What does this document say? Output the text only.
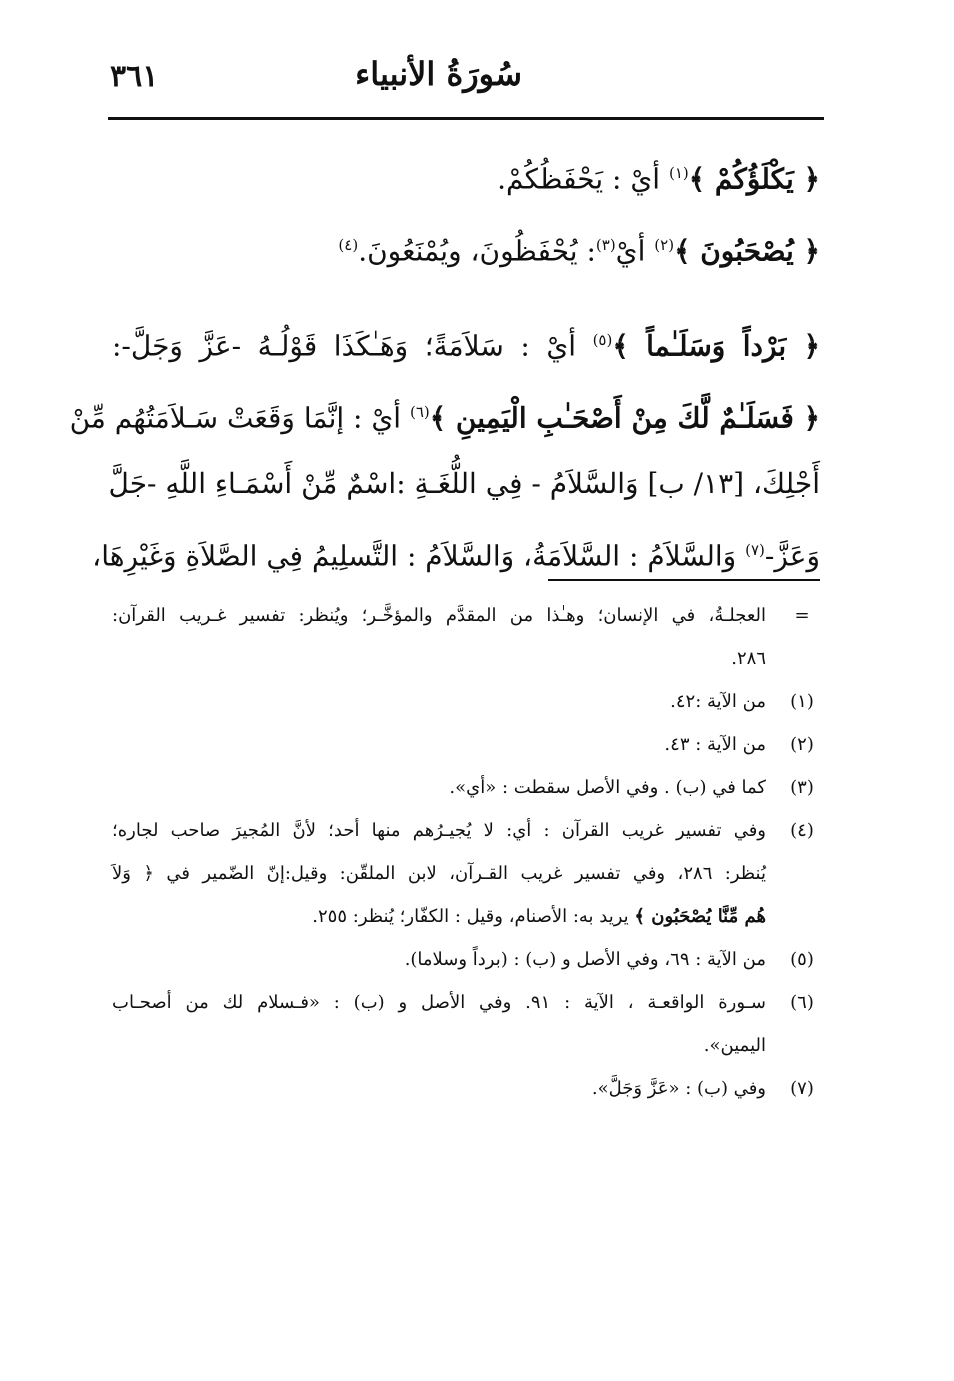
٣٦١	سُورَةُ الأنبياء
﴿ يَكْلَؤُكُمْ ﴾$^{(١)}$ أيْ : يَحْفَظُكُمْ.
﴿ يُصْحَبُونَ ﴾$^{(٢)}$ أيْ$^{(٣)}$: يُحْفَظُونَ، ويُمْنَعُونَ.$^{(٤)}$
﴿ بَرْداً وَسَلَـٰماً ﴾$^{(٥)}$ أيْ : سَلاَمَةً؛ وَهَـٰكَذَا قَوْلُـهُ -عَزَّ وَجَلَّ-:
﴿ فَسَلَـٰمٌ لَّكَ مِنْ أَصْحَـٰبِ الْيَمِينِ ﴾$^{(٦)}$ أيْ : إنَّمَا وَقَعَتْ سَـلاَمَتُهُم مِّنْ
أَجْلِكَ، [١٣/ ب] وَالسَّلاَمُ - فِي اللُّغَـةِ :اسْمٌ مِّنْ أَسْمَـاءِ اللَّهِ -جَلَّ
وَعَزَّ-$^{(٧)}$ وَالسَّلاَمُ : السَّلاَمَةُ، وَالسَّلاَمُ : التَّسلِيمُ فِي الصَّلاَةِ وَغَيْرِهَا،
=
العجلـةُ، في الإنسان؛ وهـٰذا من المقدَّم والمؤخَّـر؛ ويُنظر: تفسير غـريب القرآن:
٢٨٦.
(١)
من الآية :٤٢.
(٢)
من الآية : ٤٣.
(٣)
كما في (ب) . وفي الأصل سقطت : «أي».
(٤)
وفي تفسير غريب القرآن : أي: لا يُجيـرُهم منها أحد؛ لأنَّ المُجيرَ صاحب لجاره؛
يُنظر: ٢٨٦، وفي تفسير غريب القـرآن، لابن الملقّن: وقيل:إنّ الضّمير في ﴿ وَلاَ
هُم مِّنَّا يُصْحَبُون ﴾ يريد به: الأصنام، وقيل : الكفّار؛ يُنظر: ٢٥٥.
(٥)
من الآية : ٦٩، وفي الأصل و (ب) : (برداً وسلاما).
(٦)
سـورة الواقعـة ، الآية : ٩١. وفي الأصل و (ب) : «فـسلام لك من أصحـاب
اليمين».
(٧)
وفي (ب) : «عَزَّ وَجَلَّ».
